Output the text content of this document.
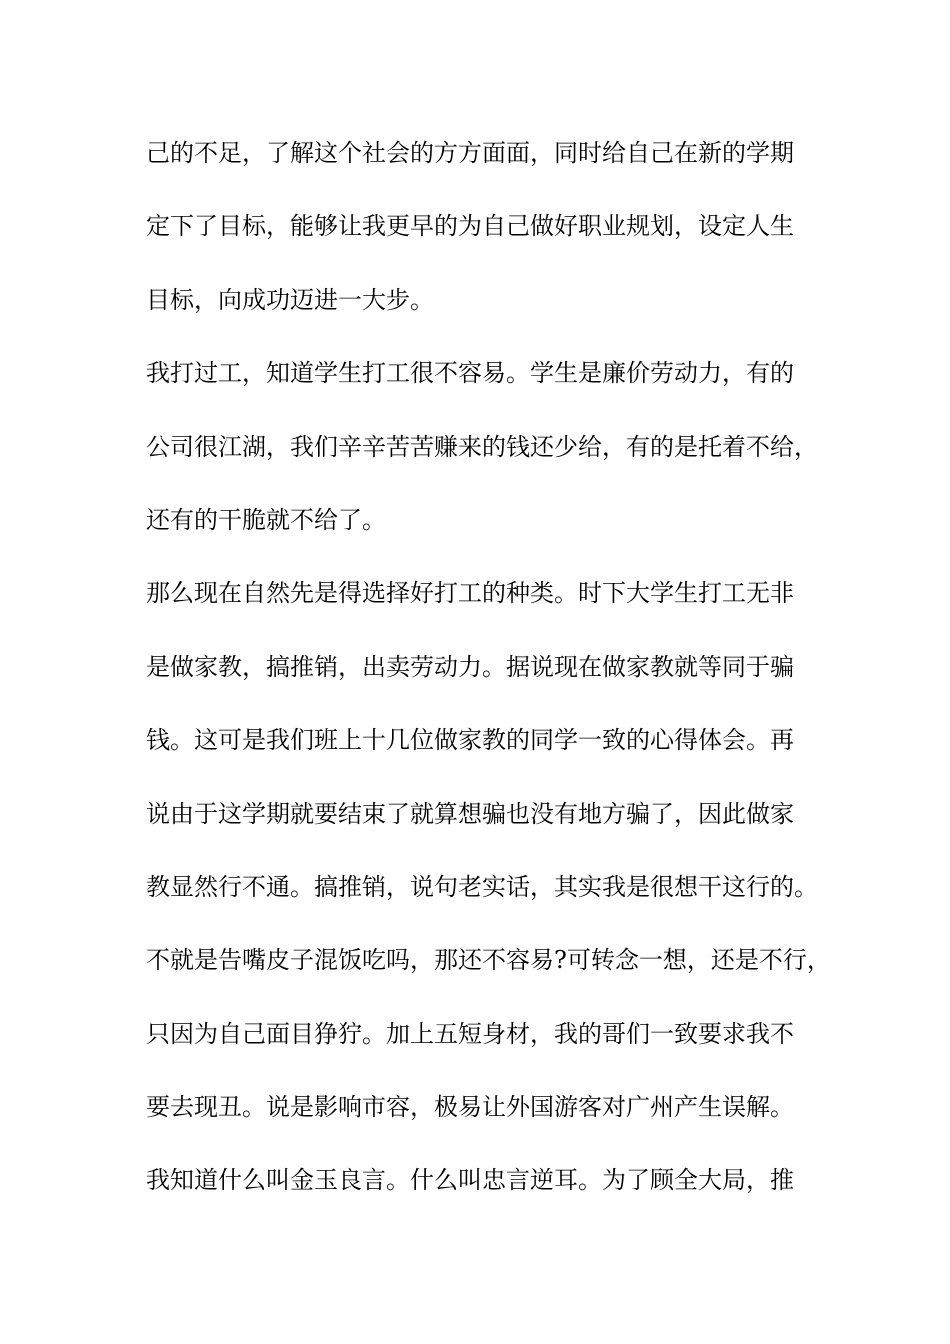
己的不足，了解这个社会的方方面面，同时给自己在新的学期
定下了目标，能够让我更早的为自己做好职业规划，设定人生
目标，向成功迈进一大步。
我打过工，知道学生打工很不容易。学生是廉价劳动力，有的
公司很江湖，我们辛辛苦苦赚来的钱还少给，有的是托着不给，
还有的干脆就不给了。
那么现在自然先是得选择好打工的种类。时下大学生打工无非
是做家教，搞推销，出卖劳动力。据说现在做家教就等同于骗
钱。这可是我们班上十几位做家教的同学一致的心得体会。再
说由于这学期就要结束了就算想骗也没有地方骗了，因此做家
教显然行不通。搞推销，说句老实话，其实我是很想干这行的。
不就是告嘴皮子混饭吃吗，那还不容易?可转念一想，还是不行，
只因为自己面目狰狞。加上五短身材，我的哥们一致要求我不
要去现丑。说是影响市容，极易让外国游客对广州产生误解。
我知道什么叫金玉良言。什么叫忠言逆耳。为了顾全大局，推
